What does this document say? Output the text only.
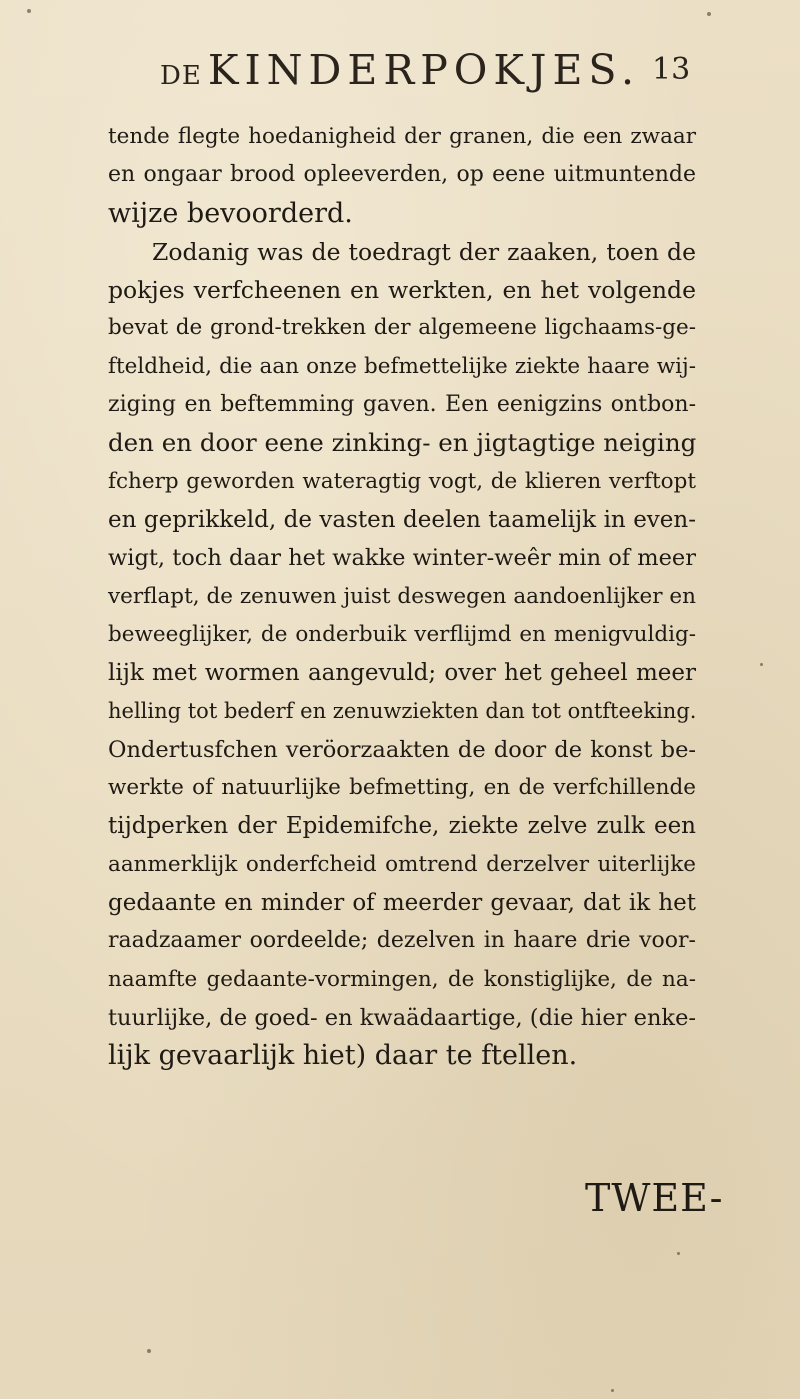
DE KINDERPOKJES. 13
tende flegte hoedanigheid der granen, die een zwaar
en ongaar brood opleeverden, op eene uitmuntende
wijze bevoorderd.
Zodanig was de toedragt der zaaken, toen de
pokjes verfcheenen en werkten, en het volgende
bevat de grond-trekken der algemeene ligchaams-ge-
fteldheid, die aan onze befmettelijke ziekte haare wij-
ziging en beftemming gaven. Een eenigzins ontbon-
den en door eene zinking- en jigtagtige neiging
fcherp geworden wateragtig vogt, de klieren verftopt
en geprikkeld, de vasten deelen taamelijk in even-
wigt, toch daar het wakke winter-weêr min of meer
verflapt, de zenuwen juist deswegen aandoenlijker en
beweeglijker, de onderbuik verflijmd en menigvuldig-
lijk met wormen aangevuld; over het geheel meer
helling tot bederf en zenuwziekten dan tot ontfteeking.
Ondertusfchen veröorzaakten de door de konst be-
werkte of natuurlijke befmetting, en de verfchillende
tijdperken der Epidemifche, ziekte zelve zulk een
aanmerklijk onderfcheid omtrend derzelver uiterlijke
gedaante en minder of meerder gevaar, dat ik het
raadzaamer oordeelde; dezelven in haare drie voor-
naamfte gedaante-vormingen, de konstiglijke, de na-
tuurlijke, de goed- en kwaädaartige, (die hier enke-
lijk gevaarlijk hiet) daar te ftellen.
TWEE-
